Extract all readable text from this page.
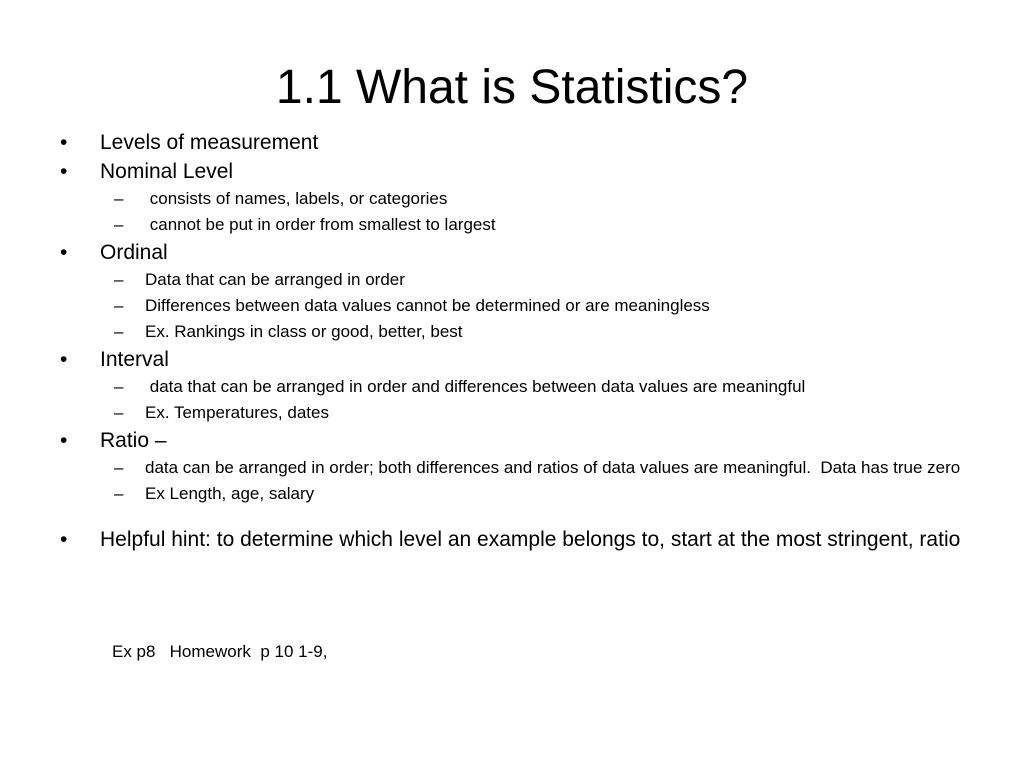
1.1 What is Statistics?
•	Levels of measurement
•	Nominal Level
– consists of names, labels, or categories
– cannot be put in order from smallest to largest
•	Ordinal
– Data that can be arranged in order
– Differences between data values cannot be determined or are meaningless
– Ex. Rankings in class or good, better, best
•	Interval
– data that can be arranged in order and differences between data values are meaningful
– Ex. Temperatures, dates
•	Ratio –
– data can be arranged in order; both differences and ratios of data values are meaningful.  Data has true zero
– Ex Length, age, salary
•	Helpful hint: to determine which level an example belongs to, start at the most stringent, ratio
Ex p8   Homework  p 10 1-9,
